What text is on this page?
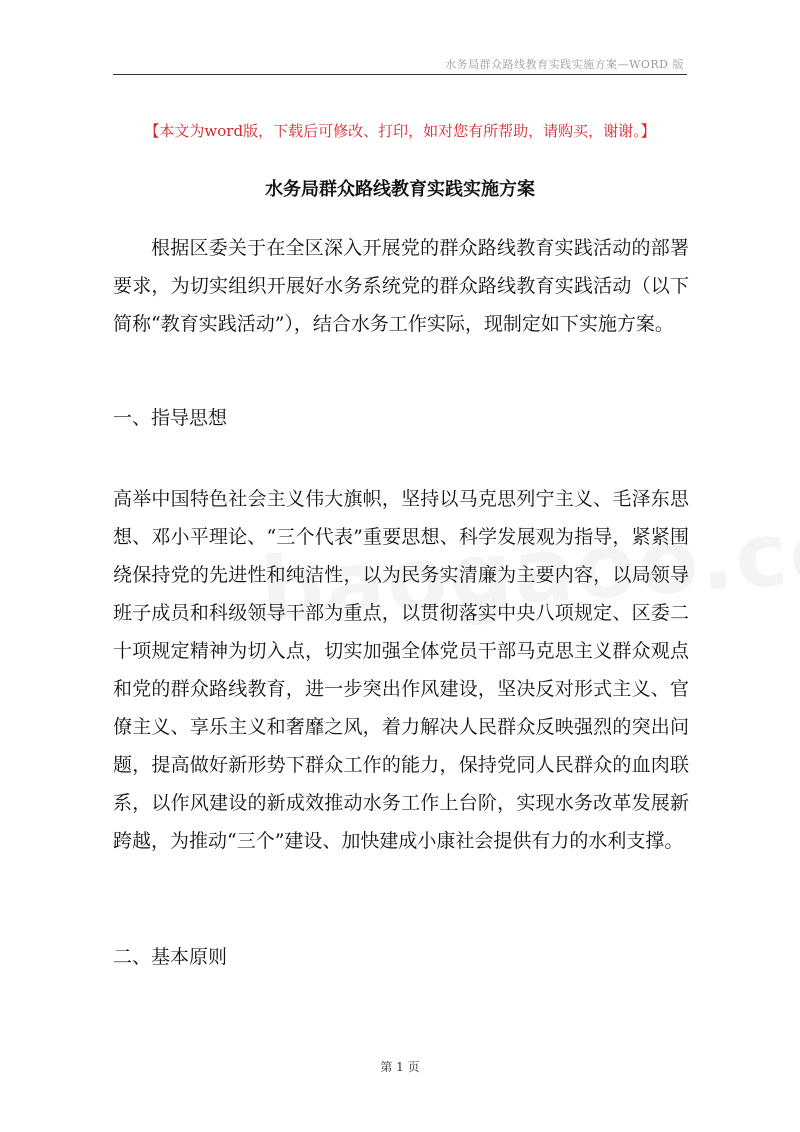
水务局群众路线教育实践实施方案—WORD 版
【本文为word版，下载后可修改、打印，如对您有所帮助，请购买，谢谢。】
水务局群众路线教育实践实施方案

根据区委关于在全区深入开展党的群众路线教育实践活动的部署要求，为切实组织开展好水务系统党的群众路线教育实践活动（以下简称“教育实践活动”），结合水务工作实际，现制定如下实施方案。

一、指导思想

高举中国特色社会主义伟大旗帜，坚持以马克思列宁主义、毛泽东思想、邓小平理论、“三个代表”重要思想、科学发展观为指导，紧紧围绕保持党的先进性和纯洁性，以为民务实清廉为主要内容，以局领导班子成员和科级领导干部为重点，以贯彻落实中央八项规定、区委二十项规定精神为切入点，切实加强全体党员干部马克思主义群众观点和党的群众路线教育，进一步突出作风建设，坚决反对形式主义、官僚主义、享乐主义和奢靡之风，着力解决人民群众反映强烈的突出问题，提高做好新形势下群众工作的能力，保持党同人民群众的血肉联系，以作风建设的新成效推动水务工作上台阶，实现水务改革发展新跨越，为推动“三个”建设、加快建成小康社会提供有力的水利支撑。

二、基本原则
第 1 页
